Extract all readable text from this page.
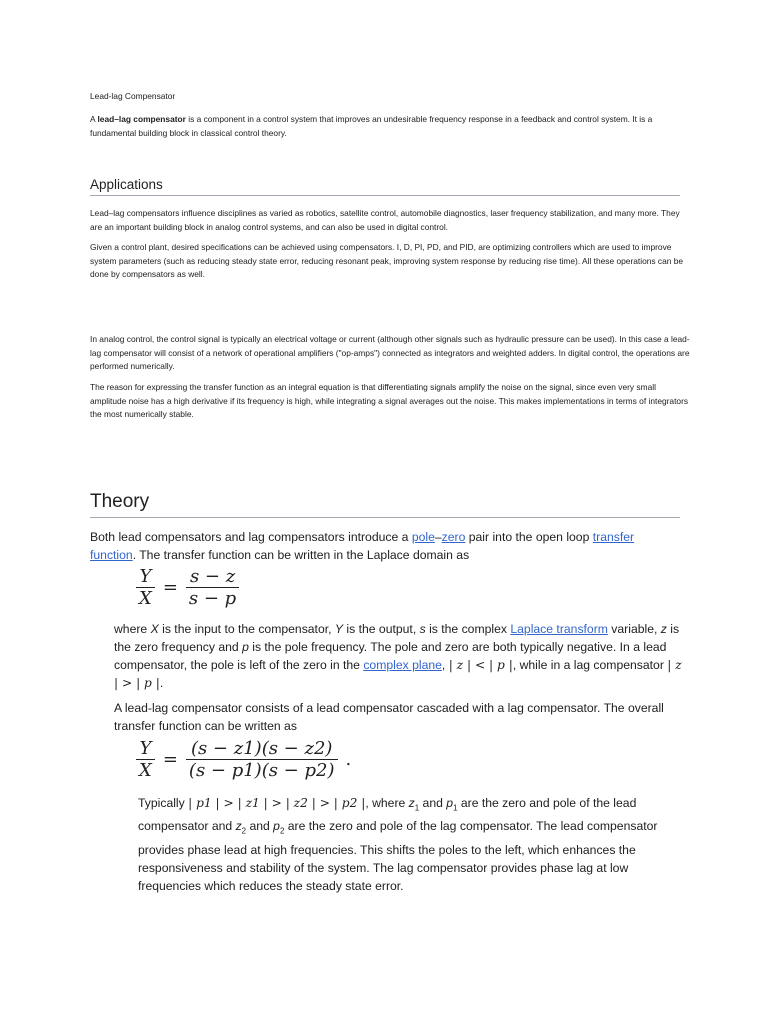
Lead-lag Compensator
A lead–lag compensator is a component in a control system that improves an undesirable frequency response in a feedback and control system. It is a fundamental building block in classical control theory.
Applications
Lead–lag compensators influence disciplines as varied as robotics, satellite control, automobile diagnostics, laser frequency stabilization, and many more. They are an important building block in analog control systems, and can also be used in digital control.
Given a control plant, desired specifications can be achieved using compensators. I, D, PI, PD, and PID, are optimizing controllers which are used to improve system parameters (such as reducing steady state error, reducing resonant peak, improving system response by reducing rise time). All these operations can be done by compensators as well.
In analog control, the control signal is typically an electrical voltage or current (although other signals such as hydraulic pressure can be used). In this case a lead-lag compensator will consist of a network of operational amplifiers ("op-amps") connected as integrators and weighted adders. In digital control, the operations are performed numerically.
The reason for expressing the transfer function as an integral equation is that differentiating signals amplify the noise on the signal, since even very small amplitude noise has a high derivative if its frequency is high, while integrating a signal averages out the noise. This makes implementations in terms of integrators the most numerically stable.
Theory
Both lead compensators and lag compensators introduce a pole–zero pair into the open loop transfer function. The transfer function can be written in the Laplace domain as
$\frac{Y}{X} = \frac{s - z}{s - p}$
where X is the input to the compensator, Y is the output, s is the complex Laplace transform variable, z is the zero frequency and p is the pole frequency. The pole and zero are both typically negative. In a lead compensator, the pole is left of the zero in the complex plane, | z | < | p |, while in a lag compensator | z | > | p |.
A lead-lag compensator consists of a lead compensator cascaded with a lag compensator. The overall transfer function can be written as
$\frac{Y}{X} = \frac{(s - z1)(s - z2)}{(s - p1)(s - p2)}$ .
Typically | p1 | > | z1 | > | z2 | > | p2 |, where $z_1$ and $p_1$ are the zero and pole of the lead compensator and $z_2$ and $p_2$ are the zero and pole of the lag compensator. The lead compensator provides phase lead at high frequencies. This shifts the poles to the left, which enhances the responsiveness and stability of the system. The lag compensator provides phase lag at low frequencies which reduces the steady state error.
